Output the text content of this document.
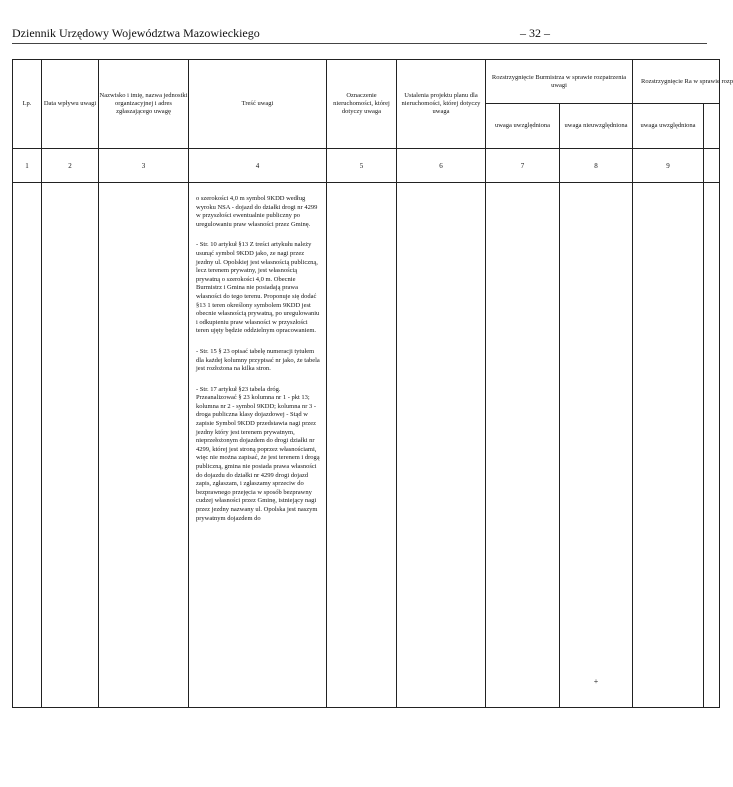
Dziennik Urzędowy Województwa Mazowieckiego	– 32 –
Lp.	Data wpływu uwagi	Nazwisko i imię, nazwa jednostki organizacyjnej i adres zgłaszającego uwagę	Treść uwagi	Oznaczenie nieruchomości, której dotyczy uwaga	Ustalenia projektu planu dla nieruchomości, której dotyczy uwaga	Rozstrzygnięcie Burmistrza w sprawie rozpatrzenia uwagi		Rozstrzygnięcie Ra w sprawie rozp	
						uwaga uwzględniona	uwaga nieuwzględniona	uwaga uwzględniona	
1	2	3	4	5	6	7	8	9	

			o szerokości 4,0 m symbol 9KDD według wyroku NSA - dojazd do działki drogi nr 4299 w przyszłości ewentualnie publiczny po uregulowaniu praw własności przez Gminę.

- Str. 10 artykuł §13 Z treści artykułu należy usunąć symbol 9KDD jako, ze nagi przez jezdny ul. Opolskiej jest własnością publiczną, lecz terenem prywatny, jest własnością prywatną o szerokości 4,0 m. Obecnie Burmistrz i Gmina nie posiadają prawa własności do tego terenu. Proponuje się dodać §13 1 teren określony symbolem 9KDD jest obecnie własnością prywatną, po uregulowaniu i odkupieniu praw własności w przyszłości teren ujęty będzie oddzielnym opracowaniem.

- Str. 15 § 23 opisać tabelę numeracji tytułem dla każdej kolumny przypisać nr jako, że tabela jest rozłożona na kilka stron.

- Str. 17 artykuł §23 tabela dróg. Przeanalizować § 23 kolumna nr 1 - pkt 13; kolumna nr 2 - symbol 9KDD; kolumna nr 3 - droga publiczna klasy dojazdowej - Stąd w zapisie Symbol 9KDD przedstawia nagi przez jezdny który jest terenem prywatnym, nieprzełożonym dojazdem do drogi działki nr 4299, której jest stroną poprzez własnościami, więc nie można zapisać, że jest terenem i drogą publiczną, gmina nie posiada prawa własności do dojazdu do działki nr 4299 drogi dojazd zapis, zgłaszam, i zgłaszamy sprzeciw do bezprawnego przejęcia w sposób bezprawny cudzej własności przez Gminę, istniejący nagi przez jezdny nazwany ul. Opolska jest naszym prywatnym dojazdem do				+		
